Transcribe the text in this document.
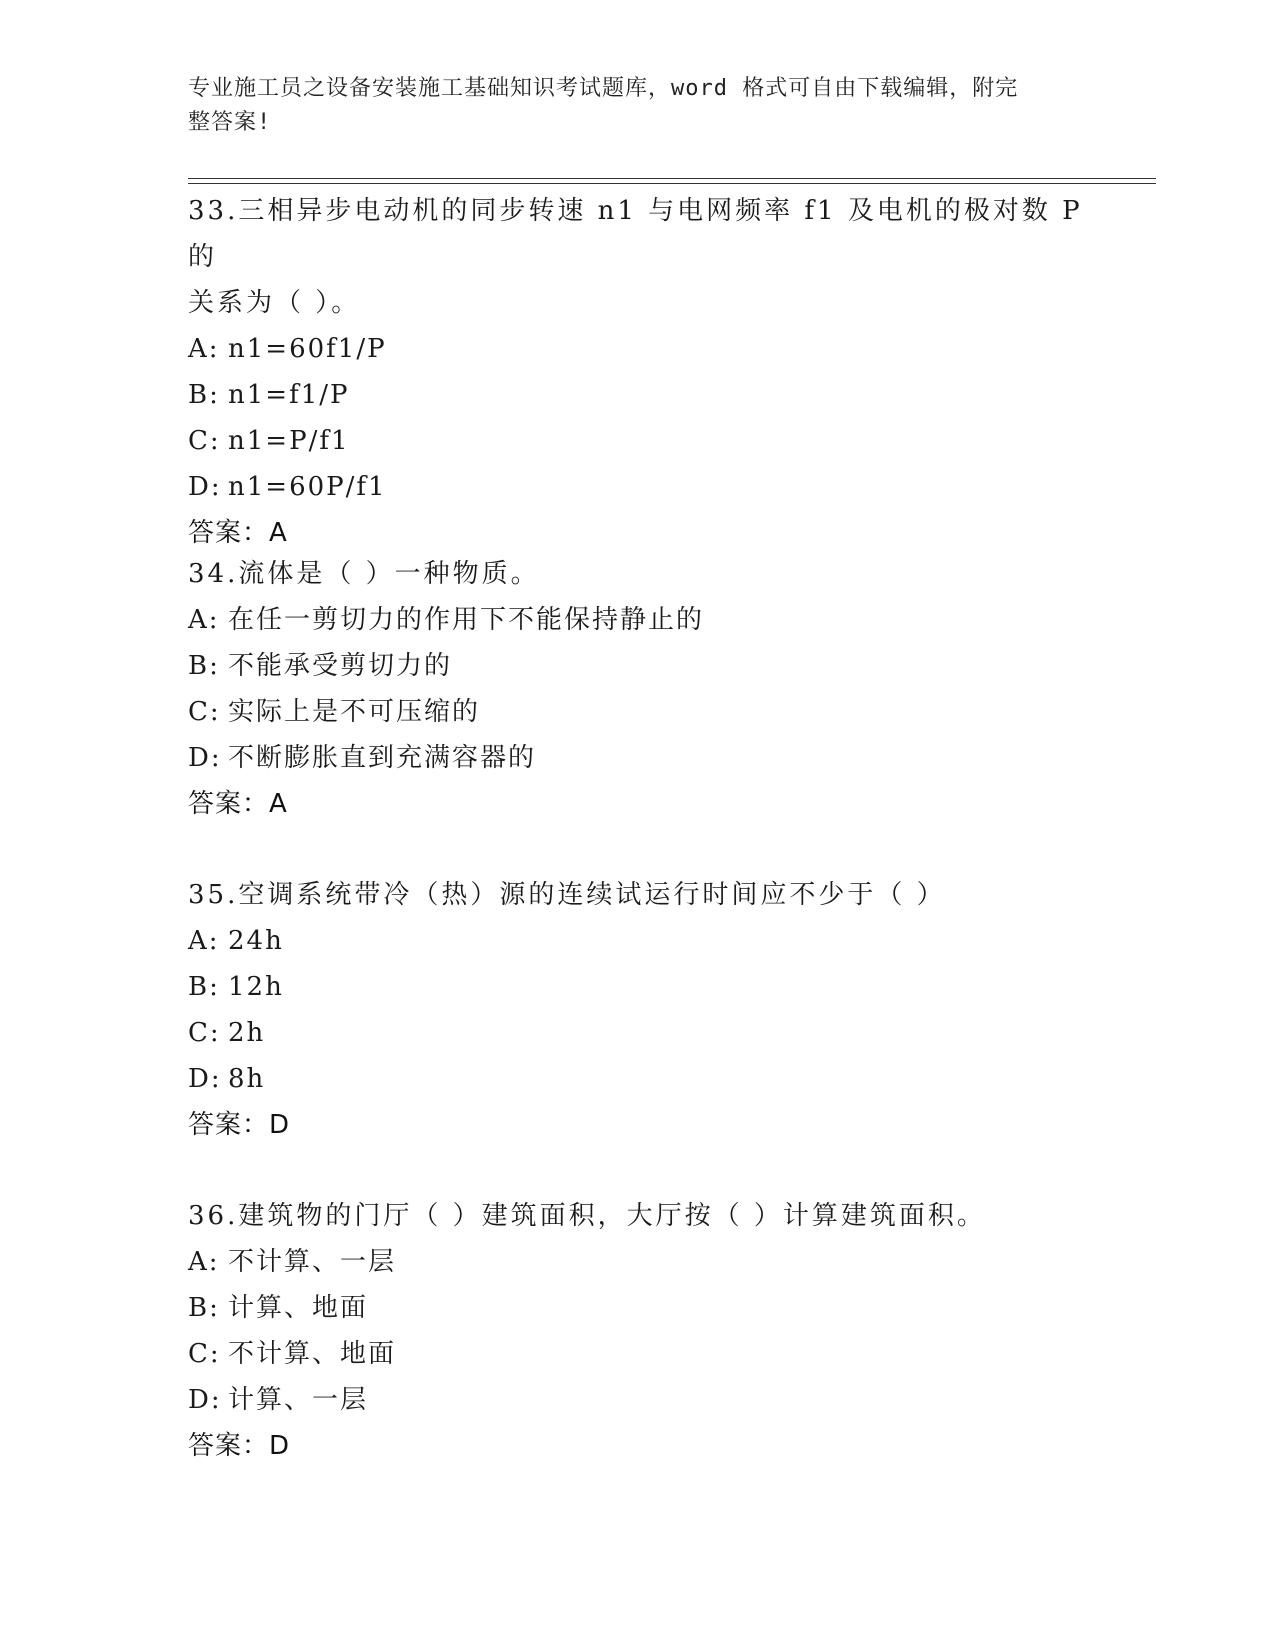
专业施工员之设备安装施工基础知识考试题库，word 格式可自由下载编辑，附完
整答案!
33.三相异步电动机的同步转速 n1 与电网频率 f1 及电机的极对数 P 的
关系为（ ）。
A: n1=60f1/P
B: n1=f1/P
C: n1=P/f1
D: n1=60P/f1
答案：A
34.流体是（ ）一种物质。
A: 在任一剪切力的作用下不能保持静止的
B: 不能承受剪切力的
C: 实际上是不可压缩的
D: 不断膨胀直到充满容器的
答案：A
35.空调系统带冷（热）源的连续试运行时间应不少于（ ）
A: 24h
B: 12h
C: 2h
D: 8h
答案：D
36.建筑物的门厅（ ）建筑面积，大厅按（ ）计算建筑面积。
A: 不计算、一层
B: 计算、地面
C: 不计算、地面
D: 计算、一层
答案：D
